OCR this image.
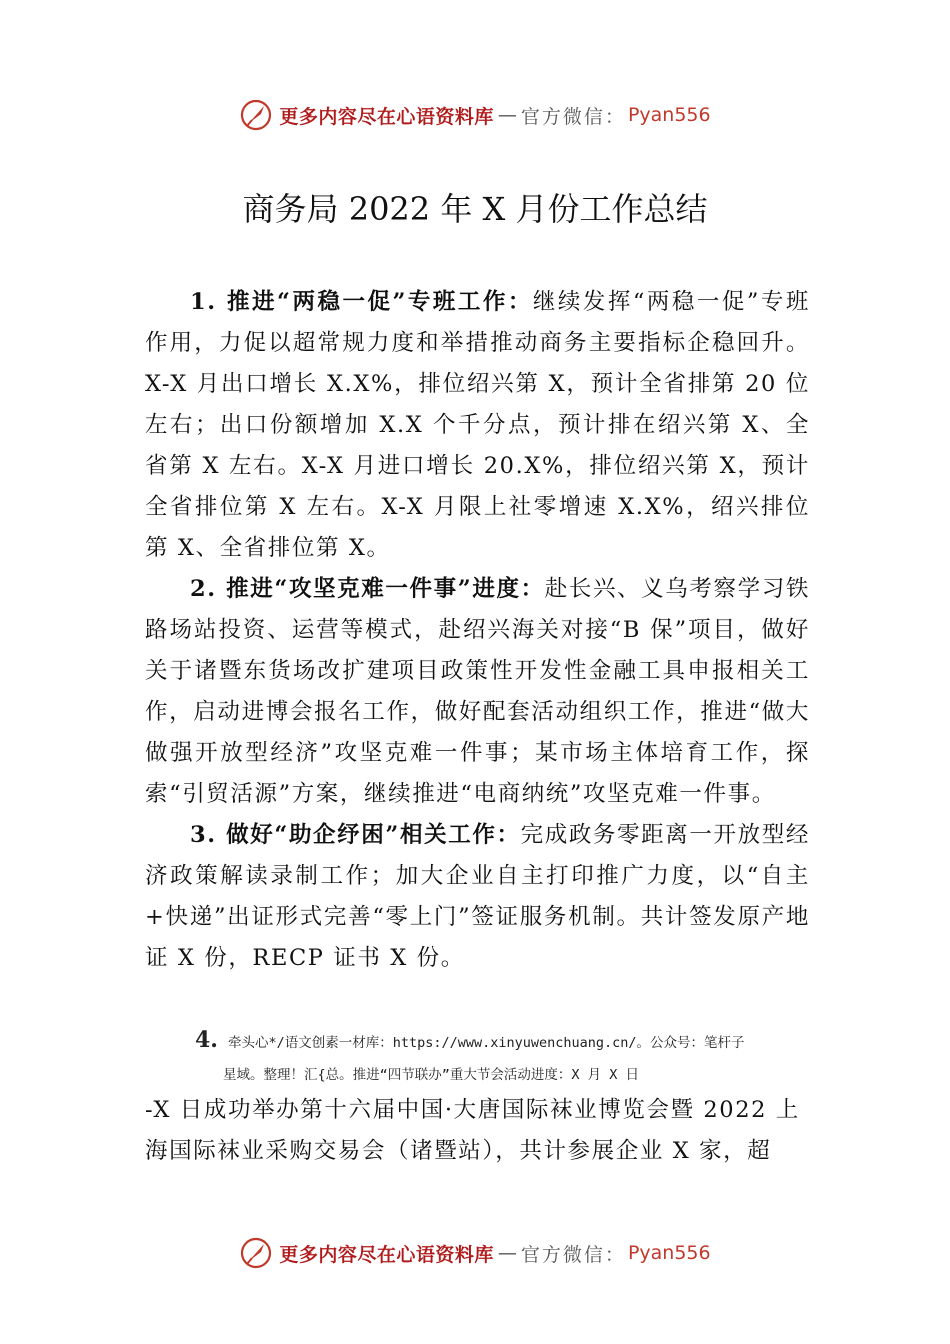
更多内容尽在心语资料库 — 官方微信： Pyan556
商务局 2022 年 X 月份工作总结

1. 推进“两稳一促”专班工作：继续发挥“两稳一促”专班作用，力促以超常规力度和举措推动商务主要指标企稳回升。X-X 月出口增长 X.X%，排位绍兴第 X，预计全省排第 20 位左右；出口份额增加 X.X 个千分点，预计排在绍兴第 X、全省第 X 左右。X-X 月进口增长 20.X%，排位绍兴第 X，预计全省排位第 X 左右。X-X 月限上社零增速 X.X%，绍兴排位第 X、全省排位第 X。

2. 推进“攻坚克难一件事”进度：赴长兴、义乌考察学习铁路场站投资、运营等模式，赴绍兴海关对接“B 保”项目，做好关于诸暨东货场改扩建项目政策性开发性金融工具申报相关工作，启动进博会报名工作，做好配套活动组织工作，推进“做大做强开放型经济”攻坚克难一件事；某市场主体培育工作，探索“引贸活源”方案，继续推进“电商纳统”攻坚克难一件事。

3. 做好“助企纾困”相关工作：完成政务零距离一开放型经济政策解读录制工作；加大企业自主打印推广力度，以“自主+快递”出证形式完善“零上门”签证服务机制。共计签发原产地证 X 份，RECP 证书 X 份。

4. 牵头心*/语文创素一材库：https://www.xinyuwenchuang.cn/。公众号：笔杆子
星域。整理！汇{总。推进“四节联办”重大节会活动进度：X 月 X 日

-X 日成功举办第十六届中国·大唐国际袜业博览会暨 2022 上海国际袜业采购交易会（诸暨站），共计参展企业 X 家，超

更多内容尽在心语资料库 — 官方微信： Pyan556
